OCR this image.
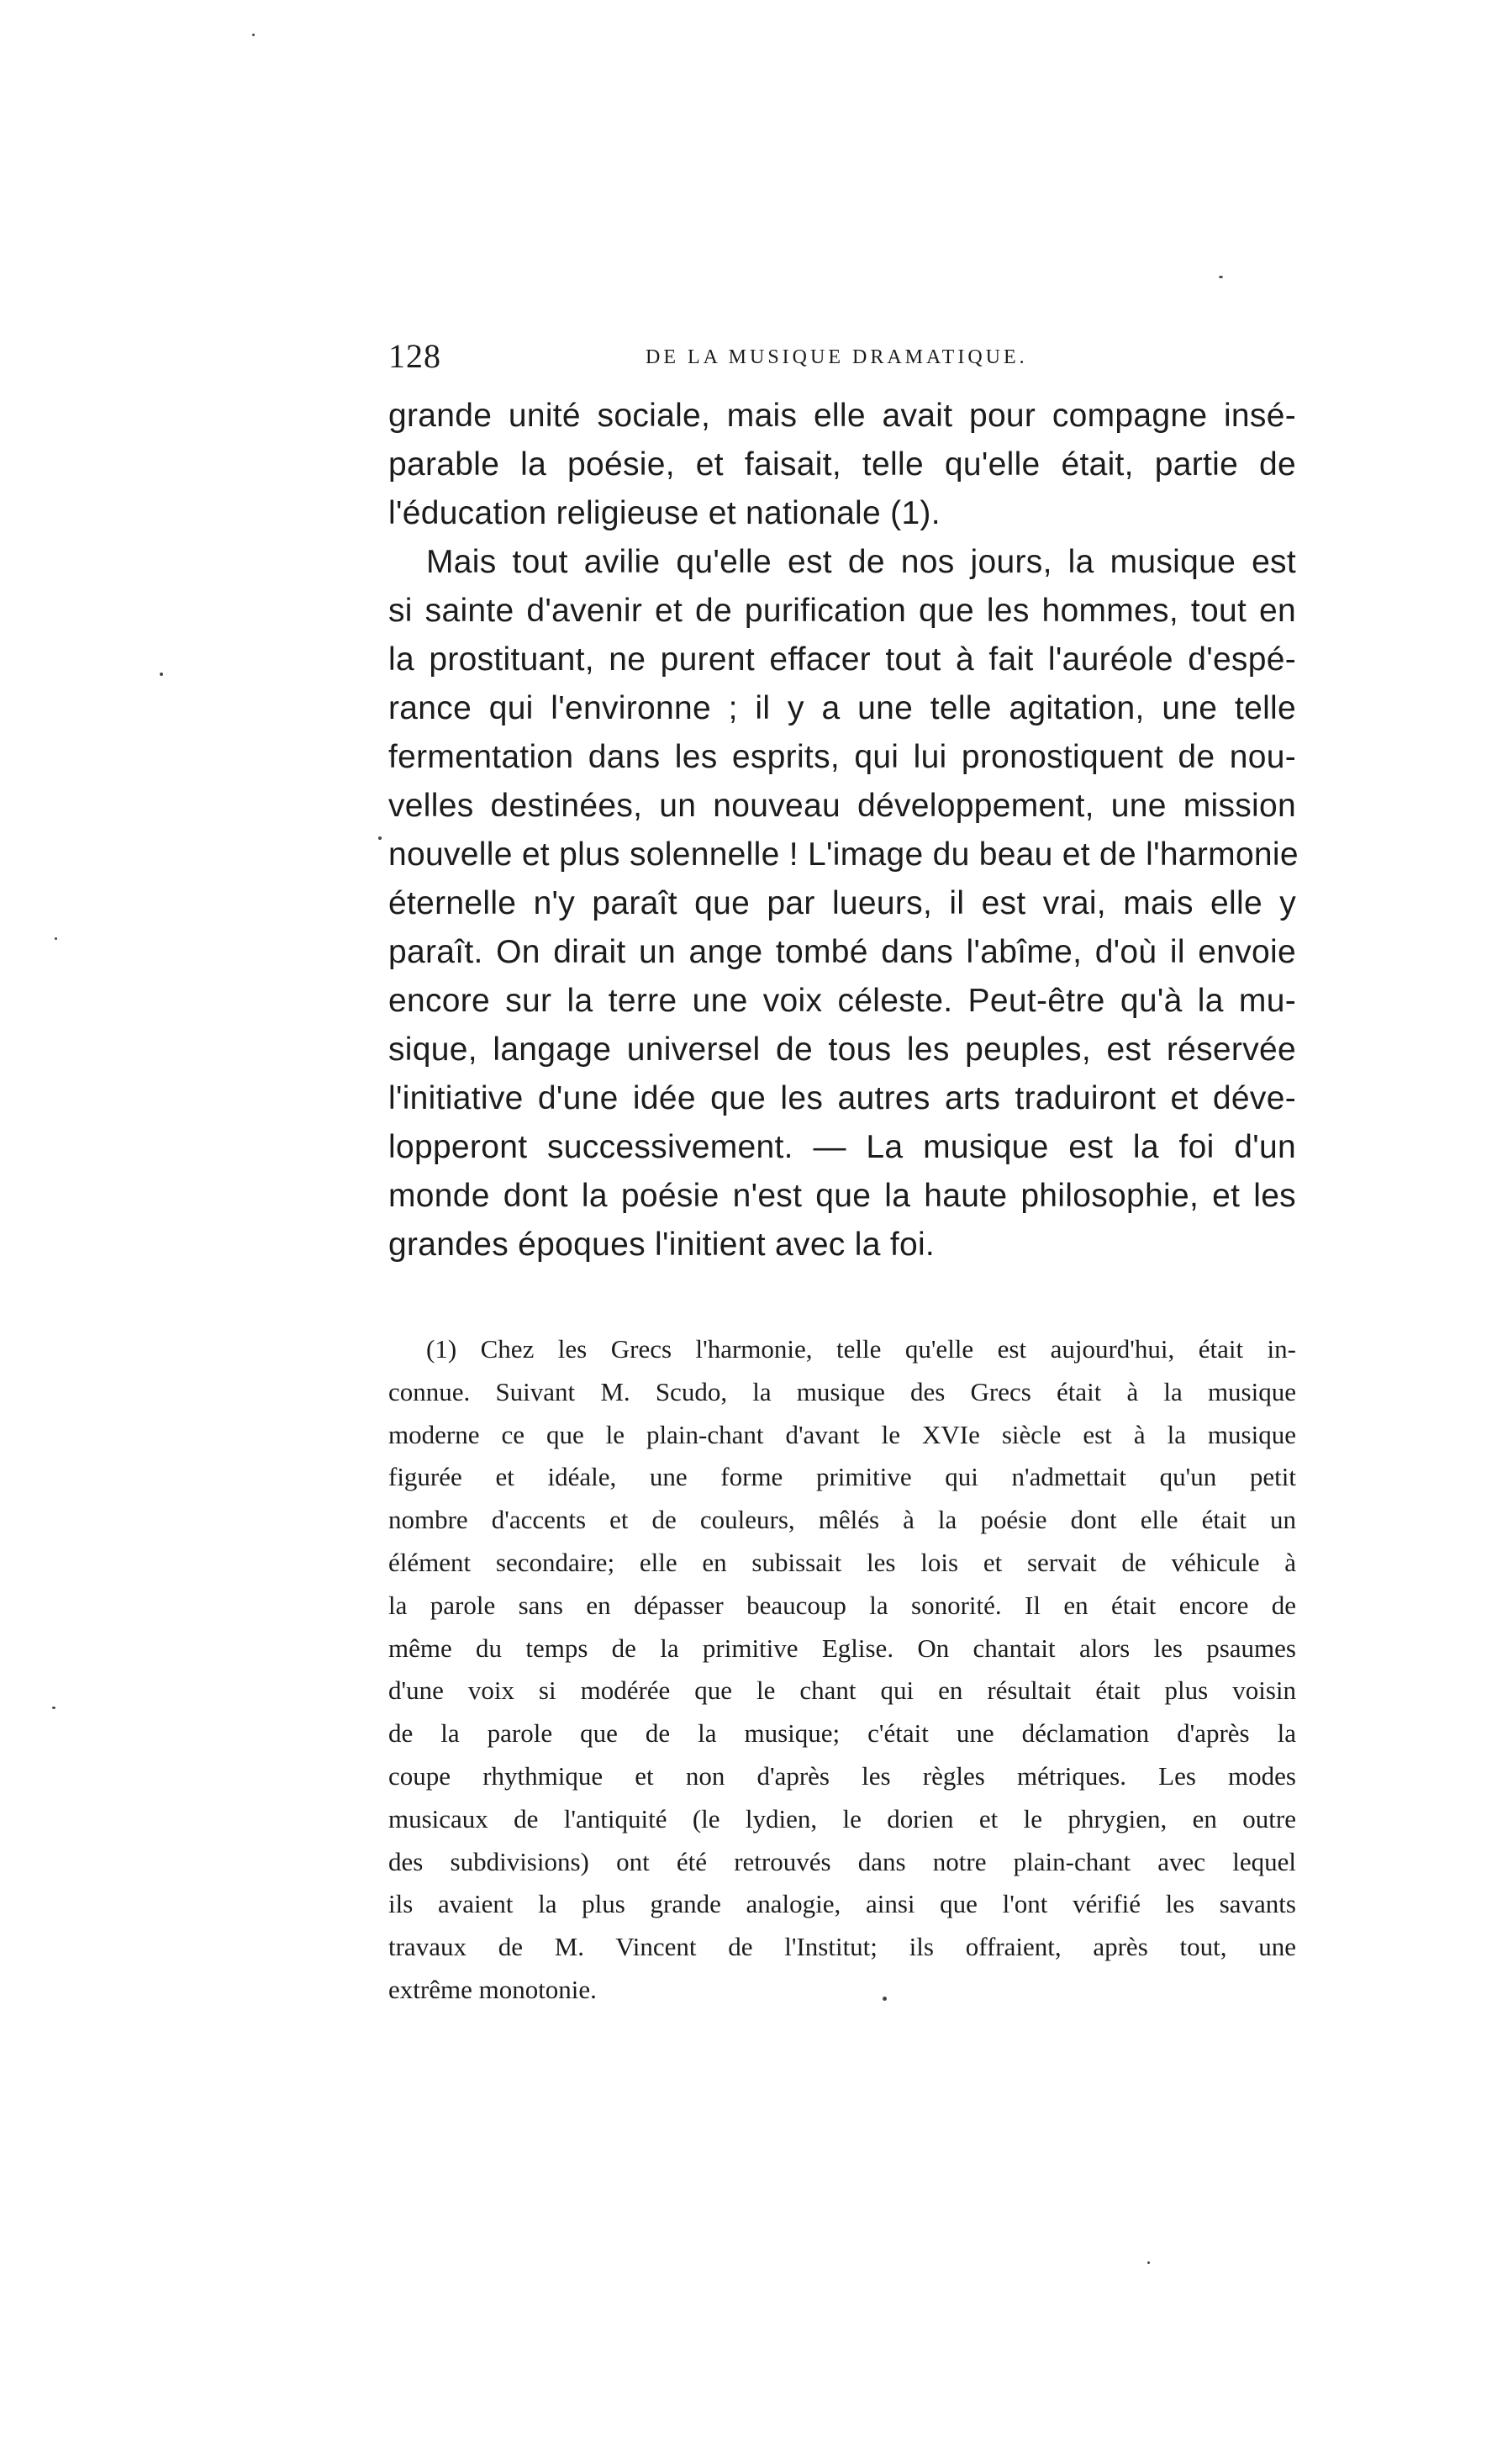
128	DE LA MUSIQUE DRAMATIQUE.
grande unité sociale, mais elle avait pour compagne insé-
parable la poésie, et faisait, telle qu'elle était, partie de
l'éducation religieuse et nationale (1).
Mais tout avilie qu'elle est de nos jours, la musique est
si sainte d'avenir et de purification que les hommes, tout en
la prostituant, ne purent effacer tout à fait l'auréole d'espé-
rance qui l'environne ; il y a une telle agitation, une telle
fermentation dans les esprits, qui lui pronostiquent de nou-
velles destinées, un nouveau développement, une mission
nouvelle et plus solennelle ! L'image du beau et de l'harmonie
éternelle n'y paraît que par lueurs, il est vrai, mais elle y
paraît. On dirait un ange tombé dans l'abîme, d'où il envoie
encore sur la terre une voix céleste. Peut-être qu'à la mu-
sique, langage universel de tous les peuples, est réservée
l'initiative d'une idée que les autres arts traduiront et déve-
lopperont successivement. — La musique est la foi d'un
monde dont la poésie n'est que la haute philosophie, et les
grandes époques l'initient avec la foi.
(1) Chez les Grecs l'harmonie, telle qu'elle est aujourd'hui, était in-
connue. Suivant M. Scudo, la musique des Grecs était à la musique
moderne ce que le plain-chant d'avant le XVIe siècle est à la musique
figurée et idéale, une forme primitive qui n'admettait qu'un petit
nombre d'accents et de couleurs, mêlés à la poésie dont elle était un
élément secondaire; elle en subissait les lois et servait de véhicule à
la parole sans en dépasser beaucoup la sonorité. Il en était encore de
même du temps de la primitive Eglise. On chantait alors les psaumes
d'une voix si modérée que le chant qui en résultait était plus voisin
de la parole que de la musique; c'était une déclamation d'après la
coupe rhythmique et non d'après les règles métriques. Les modes
musicaux de l'antiquité (le lydien, le dorien et le phrygien, en outre
des subdivisions) ont été retrouvés dans notre plain-chant avec lequel
ils avaient la plus grande analogie, ainsi que l'ont vérifié les savants
travaux de M. Vincent de l'Institut; ils offraient, après tout, une
extrême monotonie.
